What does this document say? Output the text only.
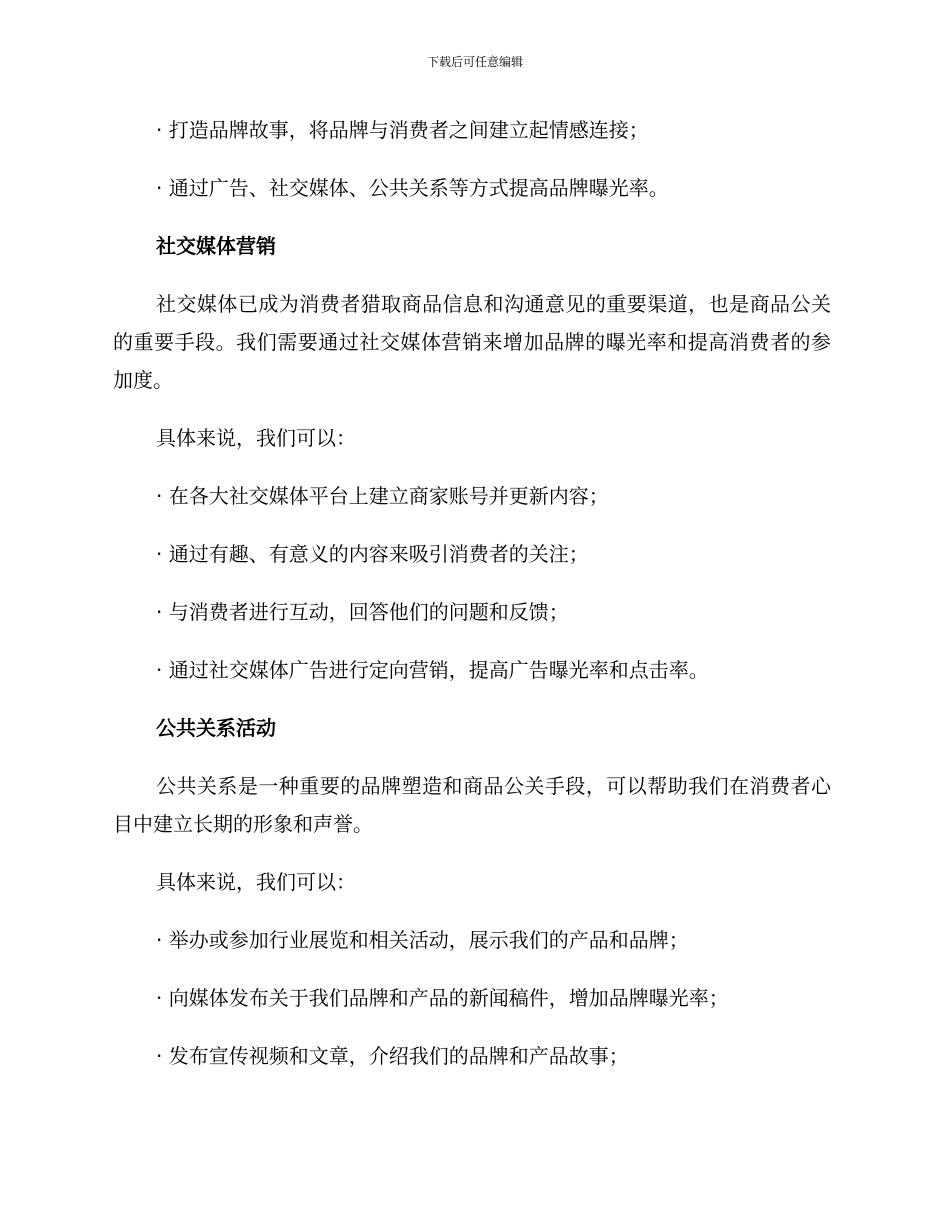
下载后可任意编辑
· 打造品牌故事，将品牌与消费者之间建立起情感连接；
· 通过广告、社交媒体、公共关系等方式提高品牌曝光率。
社交媒体营销
社交媒体已成为消费者猎取商品信息和沟通意见的重要渠道，也是商品公关的重要手段。我们需要通过社交媒体营销来增加品牌的曝光率和提高消费者的参加度。
具体来说，我们可以：
· 在各大社交媒体平台上建立商家账号并更新内容；
· 通过有趣、有意义的内容来吸引消费者的关注；
· 与消费者进行互动，回答他们的问题和反馈；
· 通过社交媒体广告进行定向营销，提高广告曝光率和点击率。
公共关系活动
公共关系是一种重要的品牌塑造和商品公关手段，可以帮助我们在消费者心目中建立长期的形象和声誉。
具体来说，我们可以：
· 举办或参加行业展览和相关活动，展示我们的产品和品牌；
· 向媒体发布关于我们品牌和产品的新闻稿件，增加品牌曝光率；
· 发布宣传视频和文章，介绍我们的品牌和产品故事；
